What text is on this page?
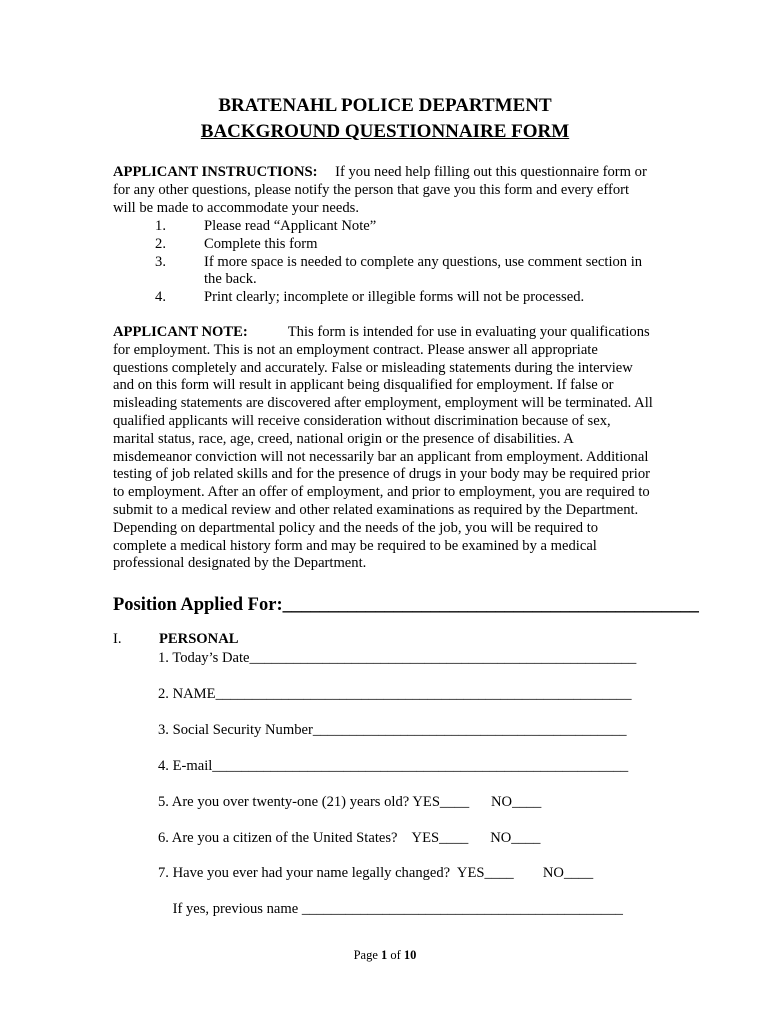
BRATENAHL POLICE DEPARTMENT
BACKGROUND QUESTIONNAIRE FORM
APPLICANT INSTRUCTIONS: If you need help filling out this questionnaire form or for any other questions, please notify the person that gave you this form and every effort will be made to accommodate your needs.
1.	Please read “Applicant Note”
2.	Complete this form
3.	If more space is needed to complete any questions, use comment section in the back.
4.	Print clearly; incomplete or illegible forms will not be processed.
APPLICANT NOTE:	This form is intended for use in evaluating your qualifications for employment. This is not an employment contract. Please answer all appropriate questions completely and accurately. False or misleading statements during the interview and on this form will result in applicant being disqualified for employment. If false or misleading statements are discovered after employment, employment will be terminated. All qualified applicants will receive consideration without discrimination because of sex, marital status, race, age, creed, national origin or the presence of disabilities. A misdemeanor conviction will not necessarily bar an applicant from employment. Additional testing of job related skills and for the presence of drugs in your body may be required prior to employment. After an offer of employment, and prior to employment, you are required to submit to a medical review and other related examinations as required by the Department. Depending on departmental policy and the needs of the job, you will be required to complete a medical history form and may be required to be examined by a medical professional designated by the Department.
Position Applied For:_____________________________________________
I.	PERSONAL
1. Today’s Date_____________________________________________________
2. NAME_________________________________________________________
3. Social Security Number___________________________________________
4. E-mail_________________________________________________________
5. Are you over twenty-one (21) years old? YES____      NO____
6. Are you a citizen of the United States?    YES____      NO____
7. Have you ever had your name legally changed?  YES____        NO____
If yes, previous name ____________________________________________
Page 1 of 10
